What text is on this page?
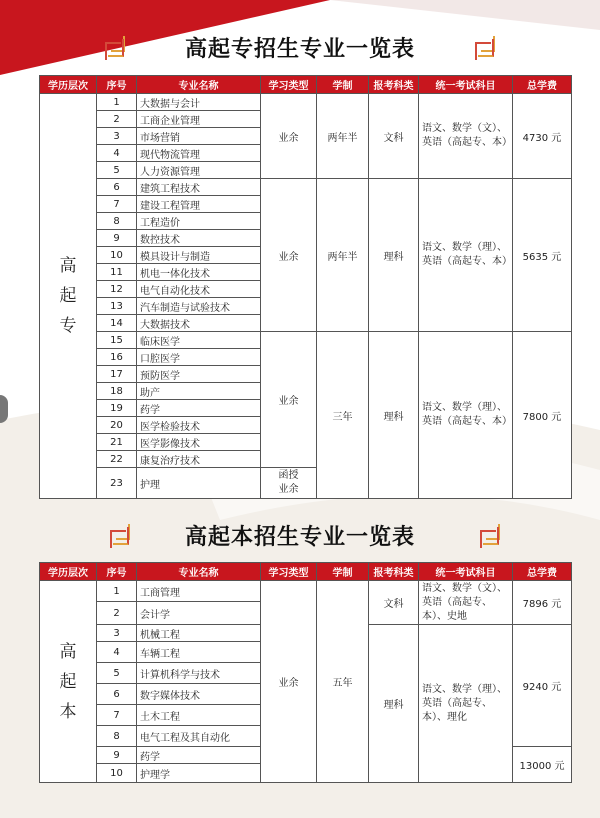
高起专招生专业一览表
学历层次	序号	专业名称	学习类型	学制	报考科类	统一考试科目	总学费

高
起
专	1	大数据与会计	业余	两年半	文科	语文、数学（文）、英语（高起专、本）	4730 元
	2	工商企业管理					
	3	市场营销					
	4	现代物流管理					
	5	人力资源管理					
	6	建筑工程技术	业余	两年半	理科	语文、数学（理）、英语（高起专、本）	5635 元
	7	建设工程管理					
	8	工程造价					
	9	数控技术					
	10	模具设计与制造					
	11	机电一体化技术					
	12	电气自动化技术					
	13	汽车制造与试验技术					
	14	大数据技术					
	15	临床医学	业余	三年	理科	语文、数学（理）、英语（高起专、本）	7800 元
	16	口腔医学					
	17	预防医学					
	18	助产					
	19	药学					
	20	医学检验技术					
	21	医学影像技术					
	22	康复治疗技术					
	23	护理	函授业余				
高起本招生专业一览表
学历层次	序号	专业名称	学习类型	学制	报考科类	统一考试科目	总学费

高
起
本	1	工商管理	业余	五年	文科	语文、数学（文）、英语（高起专、本）、史地	7896 元
	2	会计学					
	3	机械工程			理科	语文、数学（理）、英语（高起专、本）、理化	9240 元
	4	车辆工程					
	5	计算机科学与技术					
	6	数字媒体技术					
	7	土木工程					
	8	电气工程及其自动化					
	9	药学					13000 元
	10	护理学					
